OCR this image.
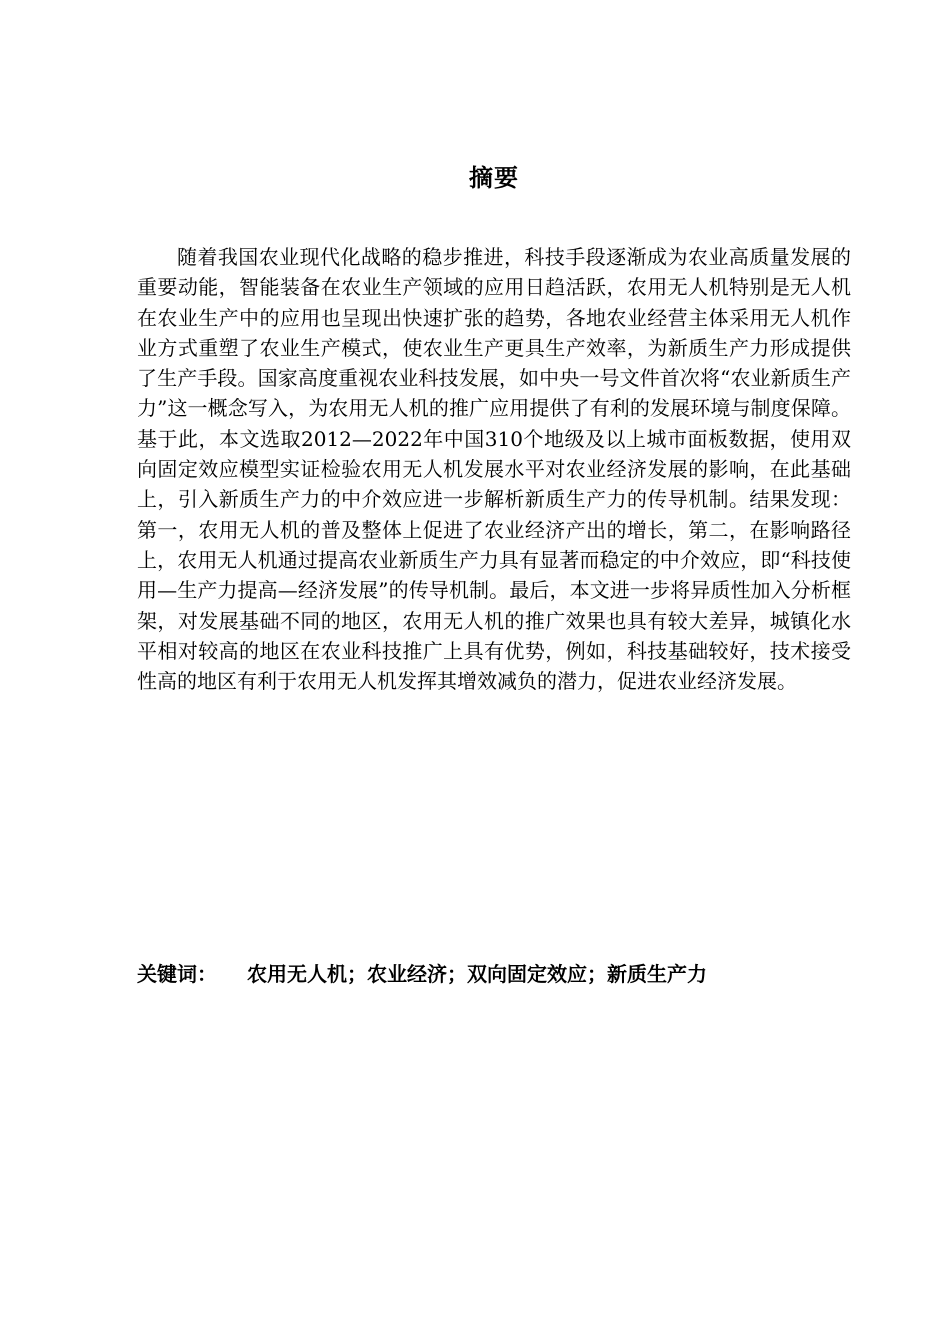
摘要

随着我国农业现代化战略的稳步推进，科技手段逐渐成为农业高质量发展的重要动能，智能装备在农业生产领域的应用日趋活跃，农用无人机特别是无人机在农业生产中的应用也呈现出快速扩张的趋势，各地农业经营主体采用无人机作业方式重塑了农业生产模式，使农业生产更具生产效率，为新质生产力形成提供了生产手段。国家高度重视农业科技发展，如中央一号文件首次将“农业新质生产力”这一概念写入，为农用无人机的推广应用提供了有利的发展环境与制度保障。基于此，本文选取2012—2022年中国310个地级及以上城市面板数据，使用双向固定效应模型实证检验农用无人机发展水平对农业经济发展的影响，在此基础上，引入新质生产力的中介效应进一步解析新质生产力的传导机制。结果发现：第一，农用无人机的普及整体上促进了农业经济产出的增长，第二，在影响路径上，农用无人机通过提高农业新质生产力具有显著而稳定的中介效应，即“科技使用—生产力提高—经济发展”的传导机制。最后，本文进一步将异质性加入分析框架，对发展基础不同的地区，农用无人机的推广效果也具有较大差异，城镇化水平相对较高的地区在农业科技推广上具有优势，例如，科技基础较好，技术接受性高的地区有利于农用无人机发挥其增效减负的潜力，促进农业经济发展。

关键词： 农用无人机；农业经济；双向固定效应；新质生产力
